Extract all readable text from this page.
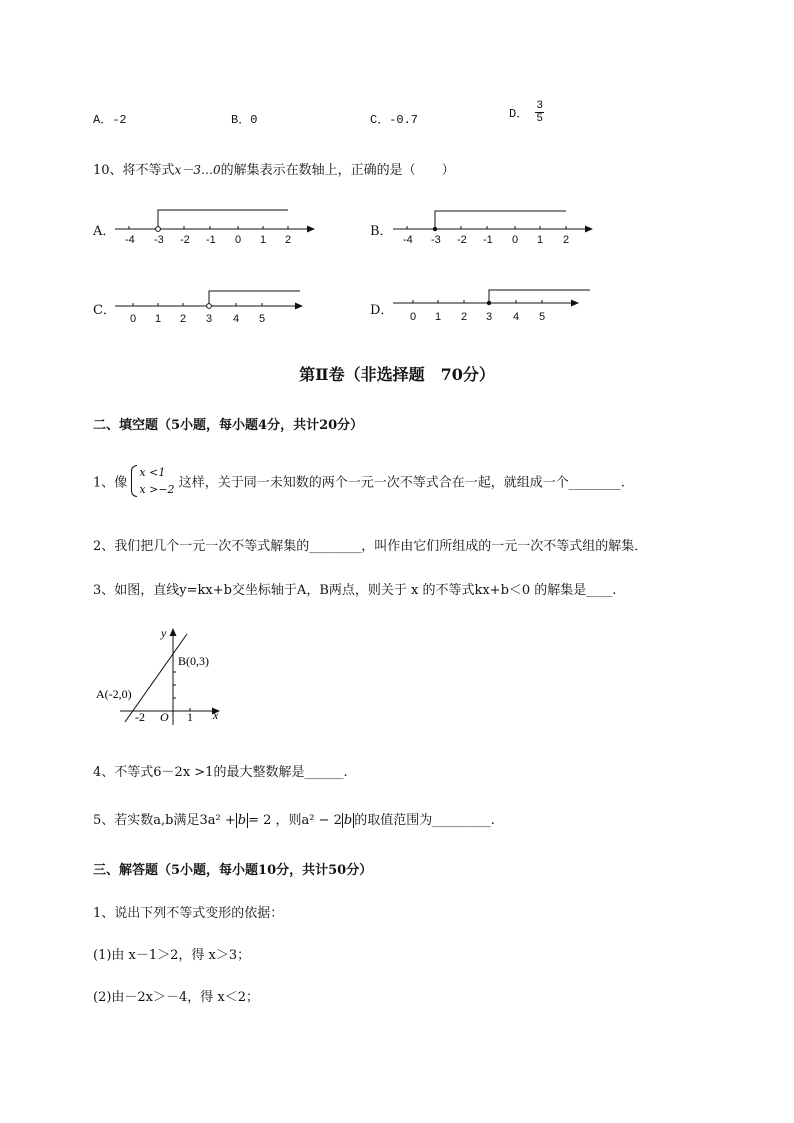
A．-2	B．0	C．-0.7	D． $\frac{3}{5}$
10、将不等式x－3…0的解集表示在数轴上，正确的是（　　）
A．
-4 -3 -2 -1 0 1 2
B．
-4 -3 -2 -1 0 1 2
C．
0 1 2 3 4 5
D． 0 1 2 3 4 5
第Ⅱ卷（非选择题　70分）
二、填空题（5小题，每小题4分，共计20分）
1、像
x <1
x >−2 这样，关于同一未知数的两个一元一次不等式合在一起，就组成一个________.
2、我们把几个一元一次不等式解集的________，叫作由它们所组成的一元一次不等式组的解集．
3、如图，直线y=kx+b交坐标轴于A，B两点，则关于 x 的不等式kx+b＜0 的解集是____.
y
x
O
-2	1
A(-2,0)
B(0,3)
4、不等式6－2x >1的最大整数解是______.
5、若实数a,b满足3a² + b = 2 ，则a² − 2 b 的取值范围为_________.
三、解答题（5小题，每小题10分，共计50分）
1、说出下列不等式变形的依据：
(1)由 x－1＞2，得 x＞3；
(2)由－2x＞－4，得 x＜2；
